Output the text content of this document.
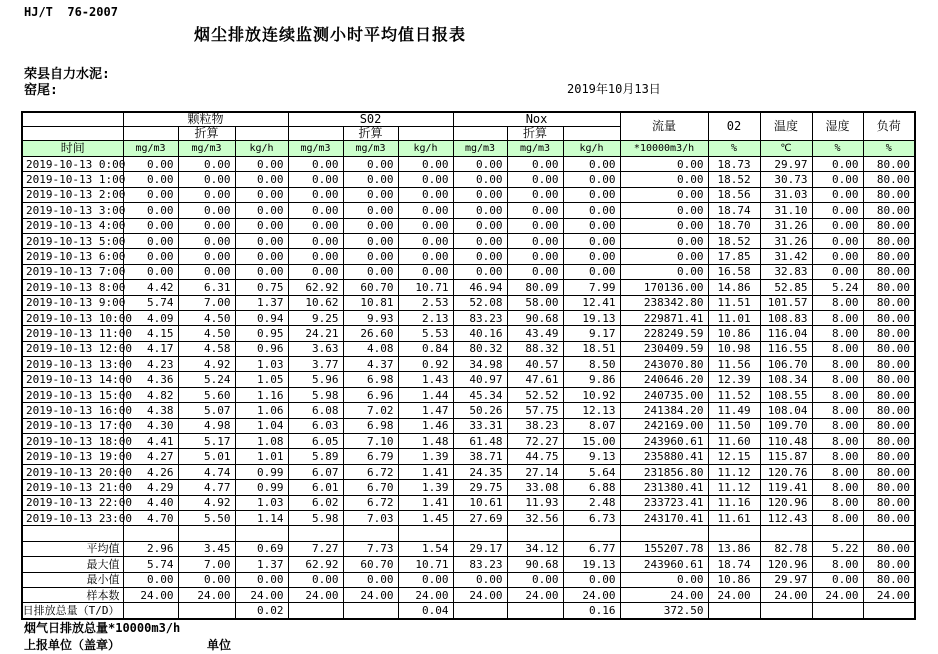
HJ/T  76-2007
烟尘排放连续监测小时平均值日报表
荣县自力水泥:
窑尾:	2019年10月13日
	颗粒物			S02			Nox			流量	02	温度	湿度	负荷
		折算			折算			折算						
时间	mg/m3	mg/m3	kg/h	mg/m3	mg/m3	kg/h	mg/m3	mg/m3	kg/h	*10000m3/h	%	℃	%	%
2019-10-13 0:00	0.00	0.00	0.00	0.00	0.00	0.00	0.00	0.00	0.00	0.00	18.73	29.97	0.00	80.00
2019-10-13 1:00	0.00	0.00	0.00	0.00	0.00	0.00	0.00	0.00	0.00	0.00	18.52	30.73	0.00	80.00
2019-10-13 2:00	0.00	0.00	0.00	0.00	0.00	0.00	0.00	0.00	0.00	0.00	18.56	31.03	0.00	80.00
2019-10-13 3:00	0.00	0.00	0.00	0.00	0.00	0.00	0.00	0.00	0.00	0.00	18.74	31.10	0.00	80.00
2019-10-13 4:00	0.00	0.00	0.00	0.00	0.00	0.00	0.00	0.00	0.00	0.00	18.70	31.26	0.00	80.00
2019-10-13 5:00	0.00	0.00	0.00	0.00	0.00	0.00	0.00	0.00	0.00	0.00	18.52	31.26	0.00	80.00
2019-10-13 6:00	0.00	0.00	0.00	0.00	0.00	0.00	0.00	0.00	0.00	0.00	17.85	31.42	0.00	80.00
2019-10-13 7:00	0.00	0.00	0.00	0.00	0.00	0.00	0.00	0.00	0.00	0.00	16.58	32.83	0.00	80.00
2019-10-13 8:00	4.42	6.31	0.75	62.92	60.70	10.71	46.94	80.09	7.99	170136.00	14.86	52.85	5.24	80.00
2019-10-13 9:00	5.74	7.00	1.37	10.62	10.81	2.53	52.08	58.00	12.41	238342.80	11.51	101.57	8.00	80.00
2019-10-13 10:00	4.09	4.50	0.94	9.25	9.93	2.13	83.23	90.68	19.13	229871.41	11.01	108.83	8.00	80.00
2019-10-13 11:00	4.15	4.50	0.95	24.21	26.60	5.53	40.16	43.49	9.17	228249.59	10.86	116.04	8.00	80.00
2019-10-13 12:00	4.17	4.58	0.96	3.63	4.08	0.84	80.32	88.32	18.51	230409.59	10.98	116.55	8.00	80.00
2019-10-13 13:00	4.23	4.92	1.03	3.77	4.37	0.92	34.98	40.57	8.50	243070.80	11.56	106.70	8.00	80.00
2019-10-13 14:00	4.36	5.24	1.05	5.96	6.98	1.43	40.97	47.61	9.86	240646.20	12.39	108.34	8.00	80.00
2019-10-13 15:00	4.82	5.60	1.16	5.98	6.96	1.44	45.34	52.52	10.92	240735.00	11.52	108.55	8.00	80.00
2019-10-13 16:00	4.38	5.07	1.06	6.08	7.02	1.47	50.26	57.75	12.13	241384.20	11.49	108.04	8.00	80.00
2019-10-13 17:00	4.30	4.98	1.04	6.03	6.98	1.46	33.31	38.23	8.07	242169.00	11.50	109.70	8.00	80.00
2019-10-13 18:00	4.41	5.17	1.08	6.05	7.10	1.48	61.48	72.27	15.00	243960.61	11.60	110.48	8.00	80.00
2019-10-13 19:00	4.27	5.01	1.01	5.89	6.79	1.39	38.71	44.75	9.13	235880.41	12.15	115.87	8.00	80.00
2019-10-13 20:00	4.26	4.74	0.99	6.07	6.72	1.41	24.35	27.14	5.64	231856.80	11.12	120.76	8.00	80.00
2019-10-13 21:00	4.29	4.77	0.99	6.01	6.70	1.39	29.75	33.08	6.88	231380.41	11.12	119.41	8.00	80.00
2019-10-13 22:00	4.40	4.92	1.03	6.02	6.72	1.41	10.61	11.93	2.48	233723.41	11.16	120.96	8.00	80.00
2019-10-13 23:00	4.70	5.50	1.14	5.98	7.03	1.45	27.69	32.56	6.73	243170.41	11.61	112.43	8.00	80.00

平均值	2.96	3.45	0.69	7.27	7.73	1.54	29.17	34.12	6.77	155207.78	13.86	82.78	5.22	80.00
最大值	5.74	7.00	1.37	62.92	60.70	10.71	83.23	90.68	19.13	243960.61	18.74	120.96	8.00	80.00
最小值	0.00	0.00	0.00	0.00	0.00	0.00	0.00	0.00	0.00	0.00	10.86	29.97	0.00	80.00
样本数	24.00	24.00	24.00	24.00	24.00	24.00	24.00	24.00	24.00	24.00	24.00	24.00	24.00	24.00
日排放总量（T/D）			0.02			0.04			0.16	372.50				
烟气日排放总量*10000m3/h
上报单位（盖章）	单位
